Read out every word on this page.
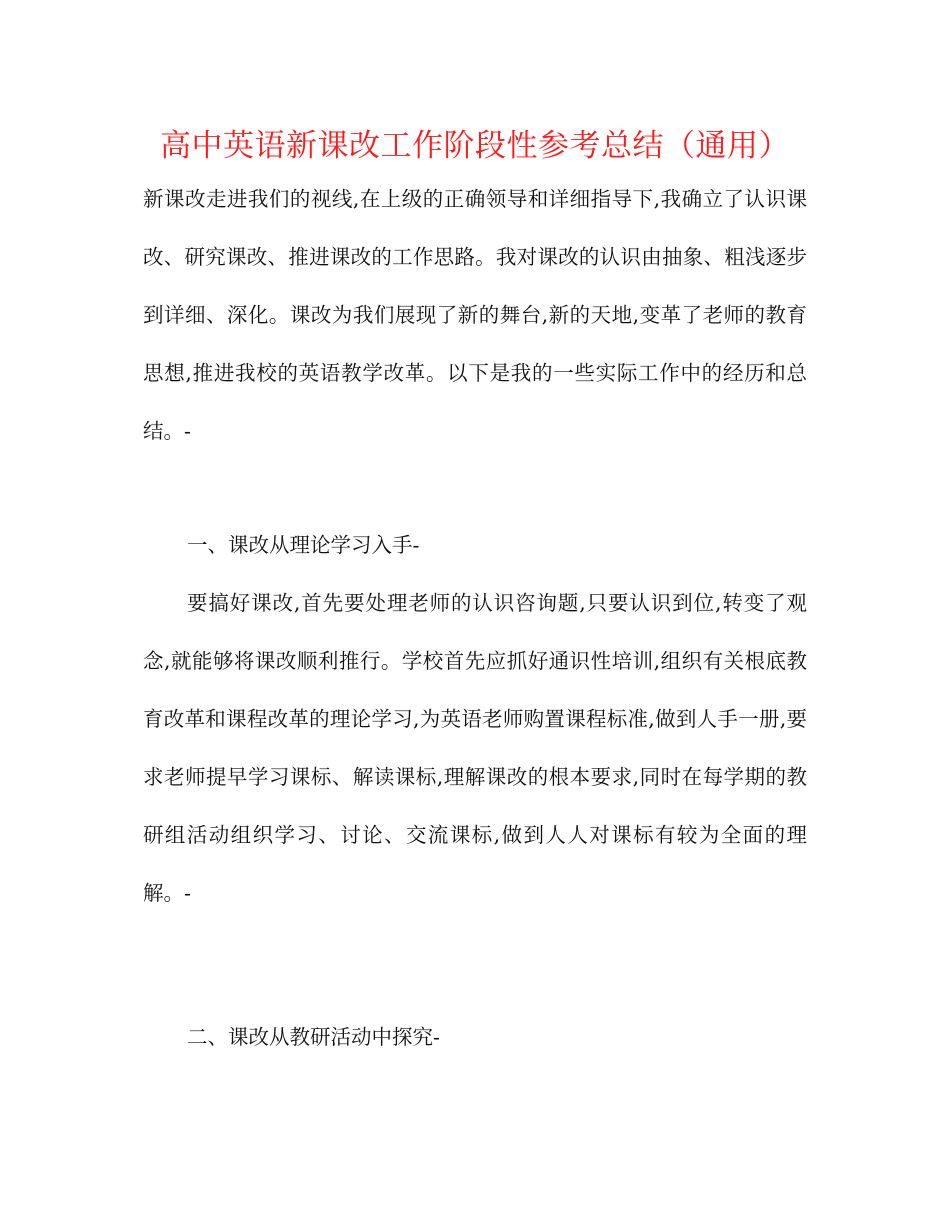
高中英语新课改工作阶段性参考总结（通用）
新课改走进我们的视线,在上级的正确领导和详细指导下,我确立了认识课改、研究课改、推进课改的工作思路。我对课改的认识由抽象、粗浅逐步到详细、深化。课改为我们展现了新的舞台,新的天地,变革了老师的教育思想,推进我校的英语教学改革。以下是我的一些实际工作中的经历和总结。-
一、课改从理论学习入手-
要搞好课改,首先要处理老师的认识咨询题,只要认识到位,转变了观念,就能够将课改顺利推行。学校首先应抓好通识性培训,组织有关根底教育改革和课程改革的理论学习,为英语老师购置课程标准,做到人手一册,要求老师提早学习课标、解读课标,理解课改的根本要求,同时在每学期的教研组活动组织学习、讨论、交流课标,做到人人对课标有较为全面的理解。-
二、课改从教研活动中探究-
